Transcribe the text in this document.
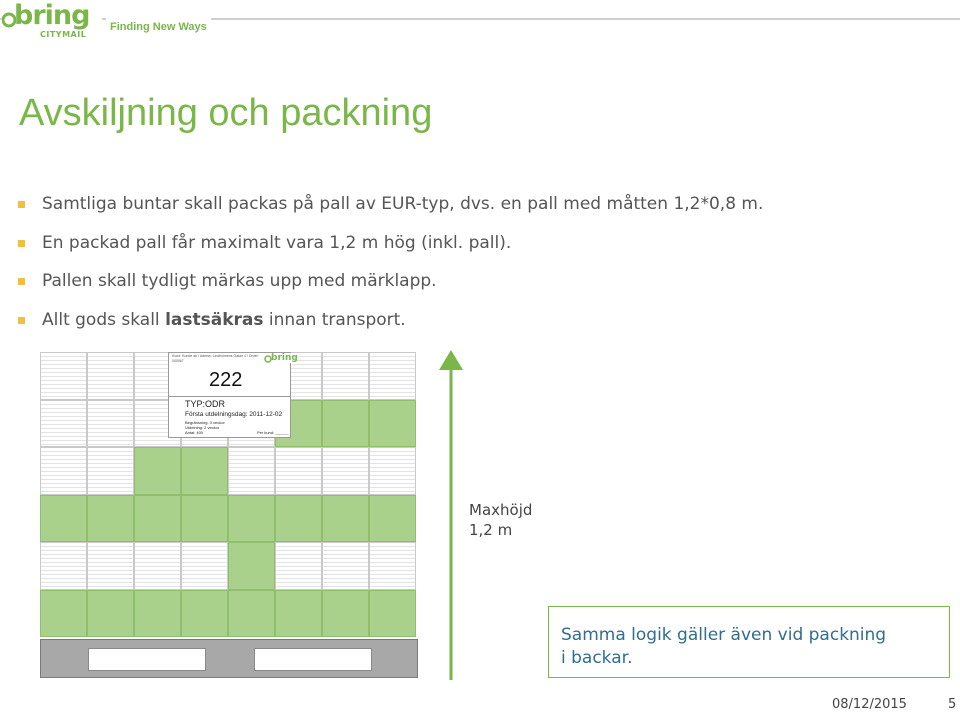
bring
CITYMAIL
Finding New Ways
Avskiljning och packning
Samtliga buntar skall packas på pall av EUR-typ, dvs. en pall med måtten 1,2*0,8 m.
En packad pall får maximalt vara 1,2 m hög (inkl. pall).
Pallen skall tydligt märkas upp med märklapp.
Allt gods skall lastsäkras innan transport.
Kund: Kunde ab / Adress: Lindholmens Gatan 4 / Order: 000067
222
TYP:ODR
Första utdelningsdag: 2011-12-02
Begränsning: 3 veckor
Utdelning: 2 veckor
Antal: 400	Per kund: ______
bring
Maxhöjd
1,2 m
Samma logik gäller även vid packning
i backar.
08/12/2015	5
